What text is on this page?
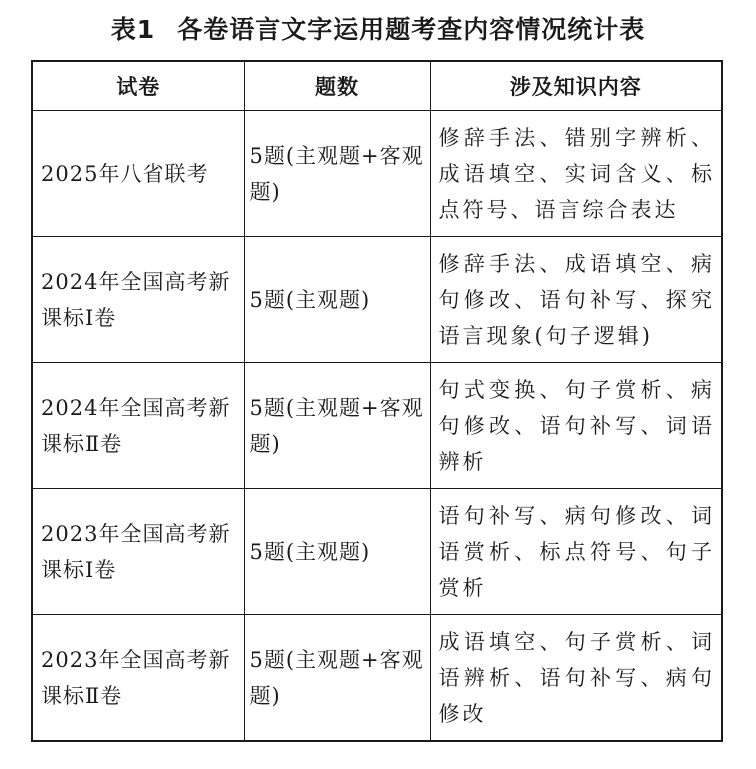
表1 各卷语言文字运用题考查内容情况统计表
试卷	题数	涉及知识内容

2025年八省联考	5题(主观题+客观题)	修辞手法、错别字辨析、成语填空、实词含义、标点符号、语言综合表达

2024年全国高考新课标Ⅰ卷	5题(主观题)	修辞手法、成语填空、病句修改、语句补写、探究语言现象(句子逻辑)

2024年全国高考新课标Ⅱ卷	5题(主观题+客观题)	句式变换、句子赏析、病句修改、语句补写、词语辨析

2023年全国高考新课标Ⅰ卷	5题(主观题)	语句补写、病句修改、词语赏析、标点符号、句子赏析

2023年全国高考新课标Ⅱ卷	5题(主观题+客观题)	成语填空、句子赏析、词语辨析、语句补写、病句修改
